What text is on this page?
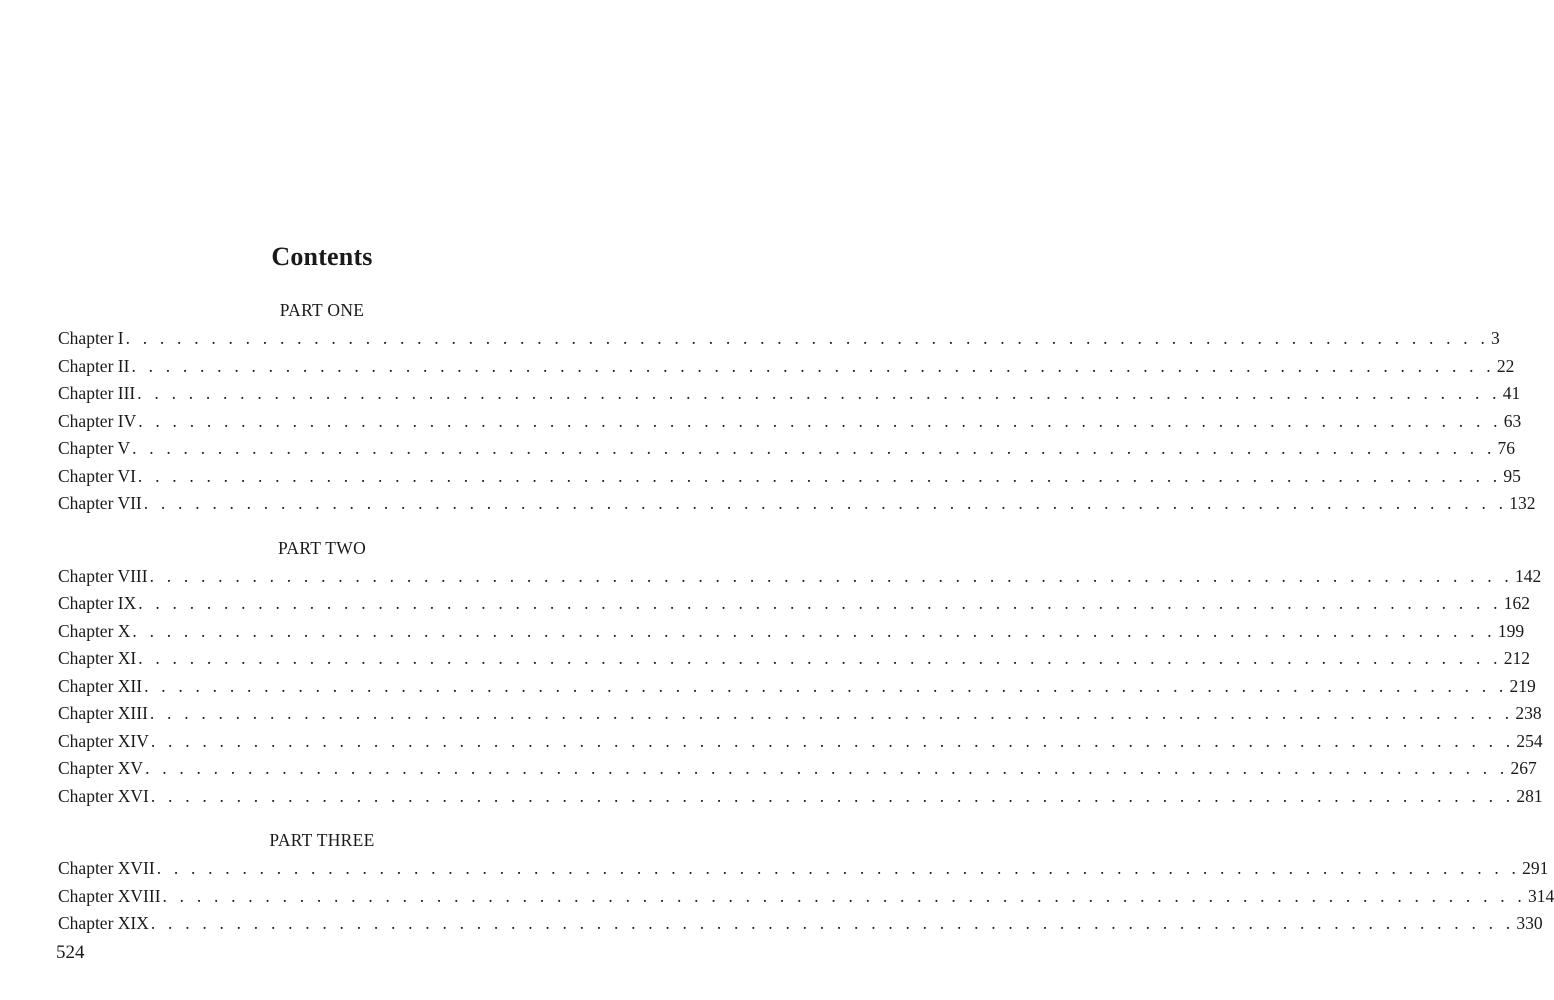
Contents
PART ONE
Chapter I . . . . . . . . . . . . . . . . . . . . . . . . . . . . . . . . . . . . . . . . . . . . . . . . . . . . . . . . . . . . . . . . . . . . . . . . . . . . . . . . 3
Chapter II . . . . . . . . . . . . . . . . . . . . . . . . . . . . . . . . . . . . . . . . . . . . . . . . . . . . . . . . . . . . . . . . . . . . . . . . . . . . . . . . 22
Chapter III . . . . . . . . . . . . . . . . . . . . . . . . . . . . . . . . . . . . . . . . . . . . . . . . . . . . . . . . . . . . . . . . . . . . . . . . . . . . . . . . 41
Chapter IV . . . . . . . . . . . . . . . . . . . . . . . . . . . . . . . . . . . . . . . . . . . . . . . . . . . . . . . . . . . . . . . . . . . . . . . . . . . . . . . . 63
Chapter V . . . . . . . . . . . . . . . . . . . . . . . . . . . . . . . . . . . . . . . . . . . . . . . . . . . . . . . . . . . . . . . . . . . . . . . . . . . . . . . . 76
Chapter VI . . . . . . . . . . . . . . . . . . . . . . . . . . . . . . . . . . . . . . . . . . . . . . . . . . . . . . . . . . . . . . . . . . . . . . . . . . . . . . . . 95
Chapter VII . . . . . . . . . . . . . . . . . . . . . . . . . . . . . . . . . . . . . . . . . . . . . . . . . . . . . . . . . . . . . . . . . . . . . . . . . . . . . . . . 132
PART TWO
Chapter VIII . . . . . . . . . . . . . . . . . . . . . . . . . . . . . . . . . . . . . . . . . . . . . . . . . . . . . . . . . . . . . . . . . . . . . . . . . . . . . . . . 142
Chapter IX . . . . . . . . . . . . . . . . . . . . . . . . . . . . . . . . . . . . . . . . . . . . . . . . . . . . . . . . . . . . . . . . . . . . . . . . . . . . . . . . 162
Chapter X . . . . . . . . . . . . . . . . . . . . . . . . . . . . . . . . . . . . . . . . . . . . . . . . . . . . . . . . . . . . . . . . . . . . . . . . . . . . . . . . 199
Chapter XI . . . . . . . . . . . . . . . . . . . . . . . . . . . . . . . . . . . . . . . . . . . . . . . . . . . . . . . . . . . . . . . . . . . . . . . . . . . . . . . . 212
Chapter XII . . . . . . . . . . . . . . . . . . . . . . . . . . . . . . . . . . . . . . . . . . . . . . . . . . . . . . . . . . . . . . . . . . . . . . . . . . . . . . . . 219
Chapter XIII . . . . . . . . . . . . . . . . . . . . . . . . . . . . . . . . . . . . . . . . . . . . . . . . . . . . . . . . . . . . . . . . . . . . . . . . . . . . . . . . 238
Chapter XIV . . . . . . . . . . . . . . . . . . . . . . . . . . . . . . . . . . . . . . . . . . . . . . . . . . . . . . . . . . . . . . . . . . . . . . . . . . . . . . . . 254
Chapter XV . . . . . . . . . . . . . . . . . . . . . . . . . . . . . . . . . . . . . . . . . . . . . . . . . . . . . . . . . . . . . . . . . . . . . . . . . . . . . . . . 267
Chapter XVI . . . . . . . . . . . . . . . . . . . . . . . . . . . . . . . . . . . . . . . . . . . . . . . . . . . . . . . . . . . . . . . . . . . . . . . . . . . . . . . . 281
PART THREE
Chapter XVII . . . . . . . . . . . . . . . . . . . . . . . . . . . . . . . . . . . . . . . . . . . . . . . . . . . . . . . . . . . . . . . . . . . . . . . . . . . . . . . . 291
Chapter XVIII . . . . . . . . . . . . . . . . . . . . . . . . . . . . . . . . . . . . . . . . . . . . . . . . . . . . . . . . . . . . . . . . . . . . . . . . . . . . . . . . 314
Chapter XIX . . . . . . . . . . . . . . . . . . . . . . . . . . . . . . . . . . . . . . . . . . . . . . . . . . . . . . . . . . . . . . . . . . . . . . . . . . . . . . . . 330
524
